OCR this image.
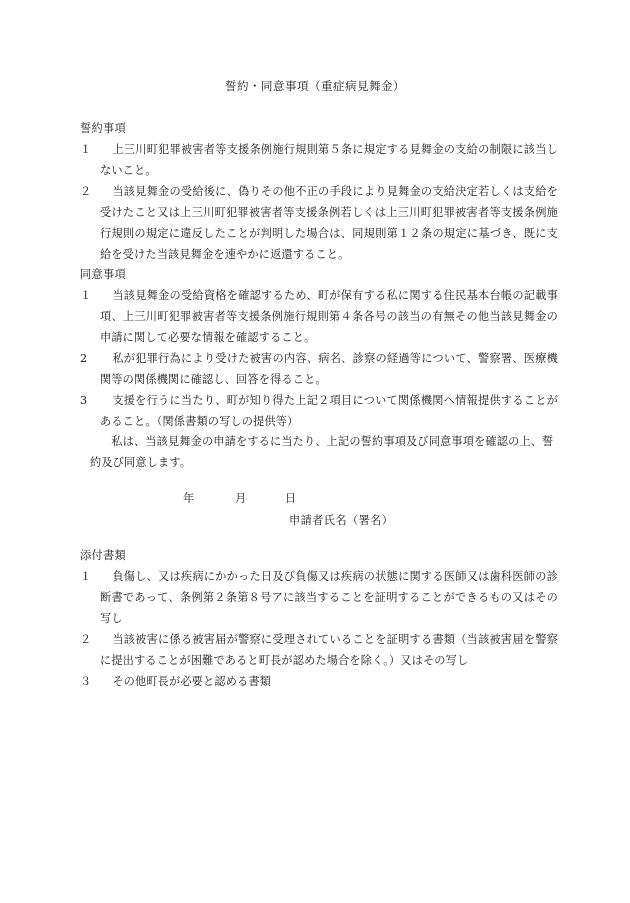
誓約・同意事項（重症病見舞金）
誓約事項
１	上三川町犯罪被害者等支援条例施行規則第５条に規定する見舞金の支給の制限に該当しないこと。
２	当該見舞金の受給後に、偽りその他不正の手段により見舞金の支給決定若しくは支給を受けたこと又は上三川町犯罪被害者等支援条例若しくは上三川町犯罪被害者等支援条例施行規則の規定に違反したことが判明した場合は、同規則第１２条の規定に基づき、既に支給を受けた当該見舞金を速やかに返還すること。
同意事項
１	当該見舞金の受給資格を確認するため、町が保有する私に関する住民基本台帳の記載事項、上三川町犯罪被害者等支援条例施行規則第４条各号の該当の有無その他当該見舞金の申請に関して必要な情報を確認すること。
2	私が犯罪行為により受けた被害の内容、病名、診察の経過等について、警察署、医療機関等の関係機関に確認し、回答を得ること。
3	支援を行うに当たり、町が知り得た上記２項目について関係機関へ情報提供することがあること。（関係書類の写しの提供等）
私は、当該見舞金の申請をするに当たり、上記の誓約事項及び同意事項を確認の上、誓約及び同意します。
年	月	日
申請者氏名（署名）
添付書類
１	負傷し、又は疾病にかかった日及び負傷又は疾病の状態に関する医師又は歯科医師の診断書であって、条例第２条第８号アに該当することを証明することができるもの又はその写し
２	当該被害に係る被害届が警察に受理されていることを証明する書類（当該被害届を警察に提出することが困難であると町長が認めた場合を除く。）又はその写し
３	その他町長が必要と認める書類
